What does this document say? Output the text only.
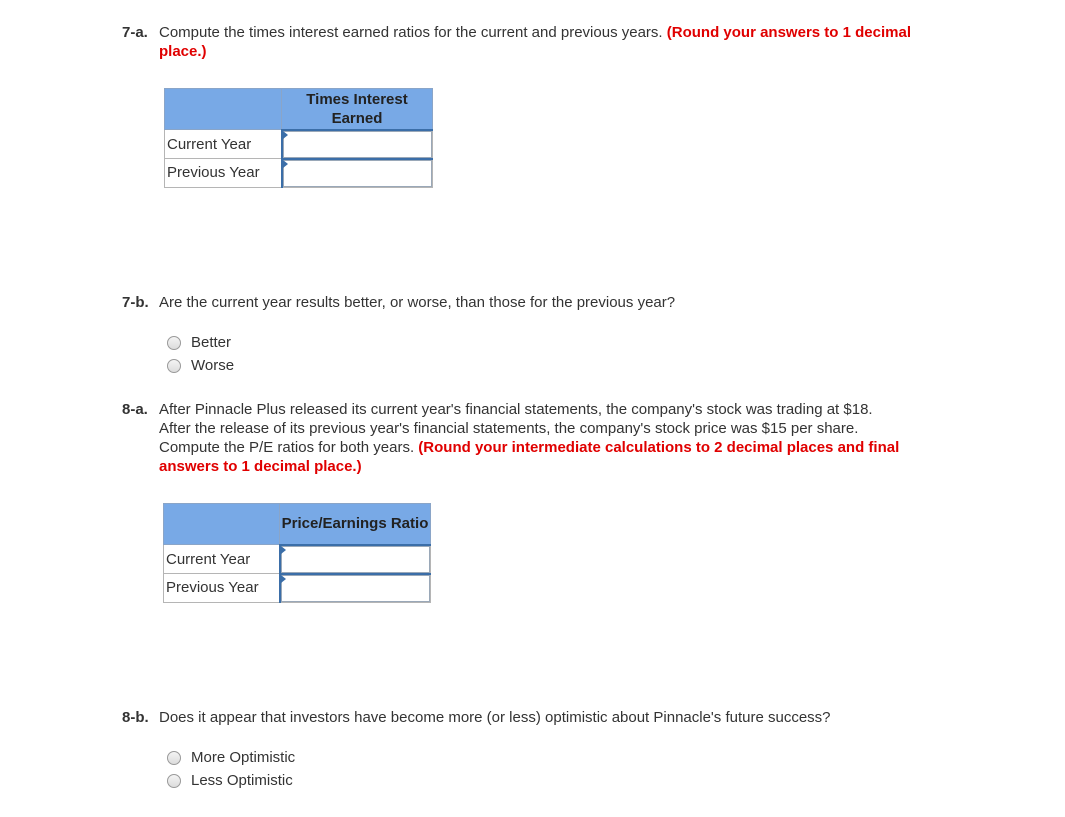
7-a. Compute the times interest earned ratios for the current and previous years. (Round your answers to 1 decimal place.)
	Times Interest Earned
Current Year	

Previous Year	
7-b. Are the current year results better, or worse, than those for the previous year?
Better
Worse
8-a. After Pinnacle Plus released its current year's financial statements, the company's stock was trading at $18. After the release of its previous year's financial statements, the company's stock price was $15 per share. Compute the P/E ratios for both years. (Round your intermediate calculations to 2 decimal places and final answers to 1 decimal place.)
	Price/Earnings Ratio
Current Year	

Previous Year	
8-b. Does it appear that investors have become more (or less) optimistic about Pinnacle's future success?
More Optimistic
Less Optimistic
